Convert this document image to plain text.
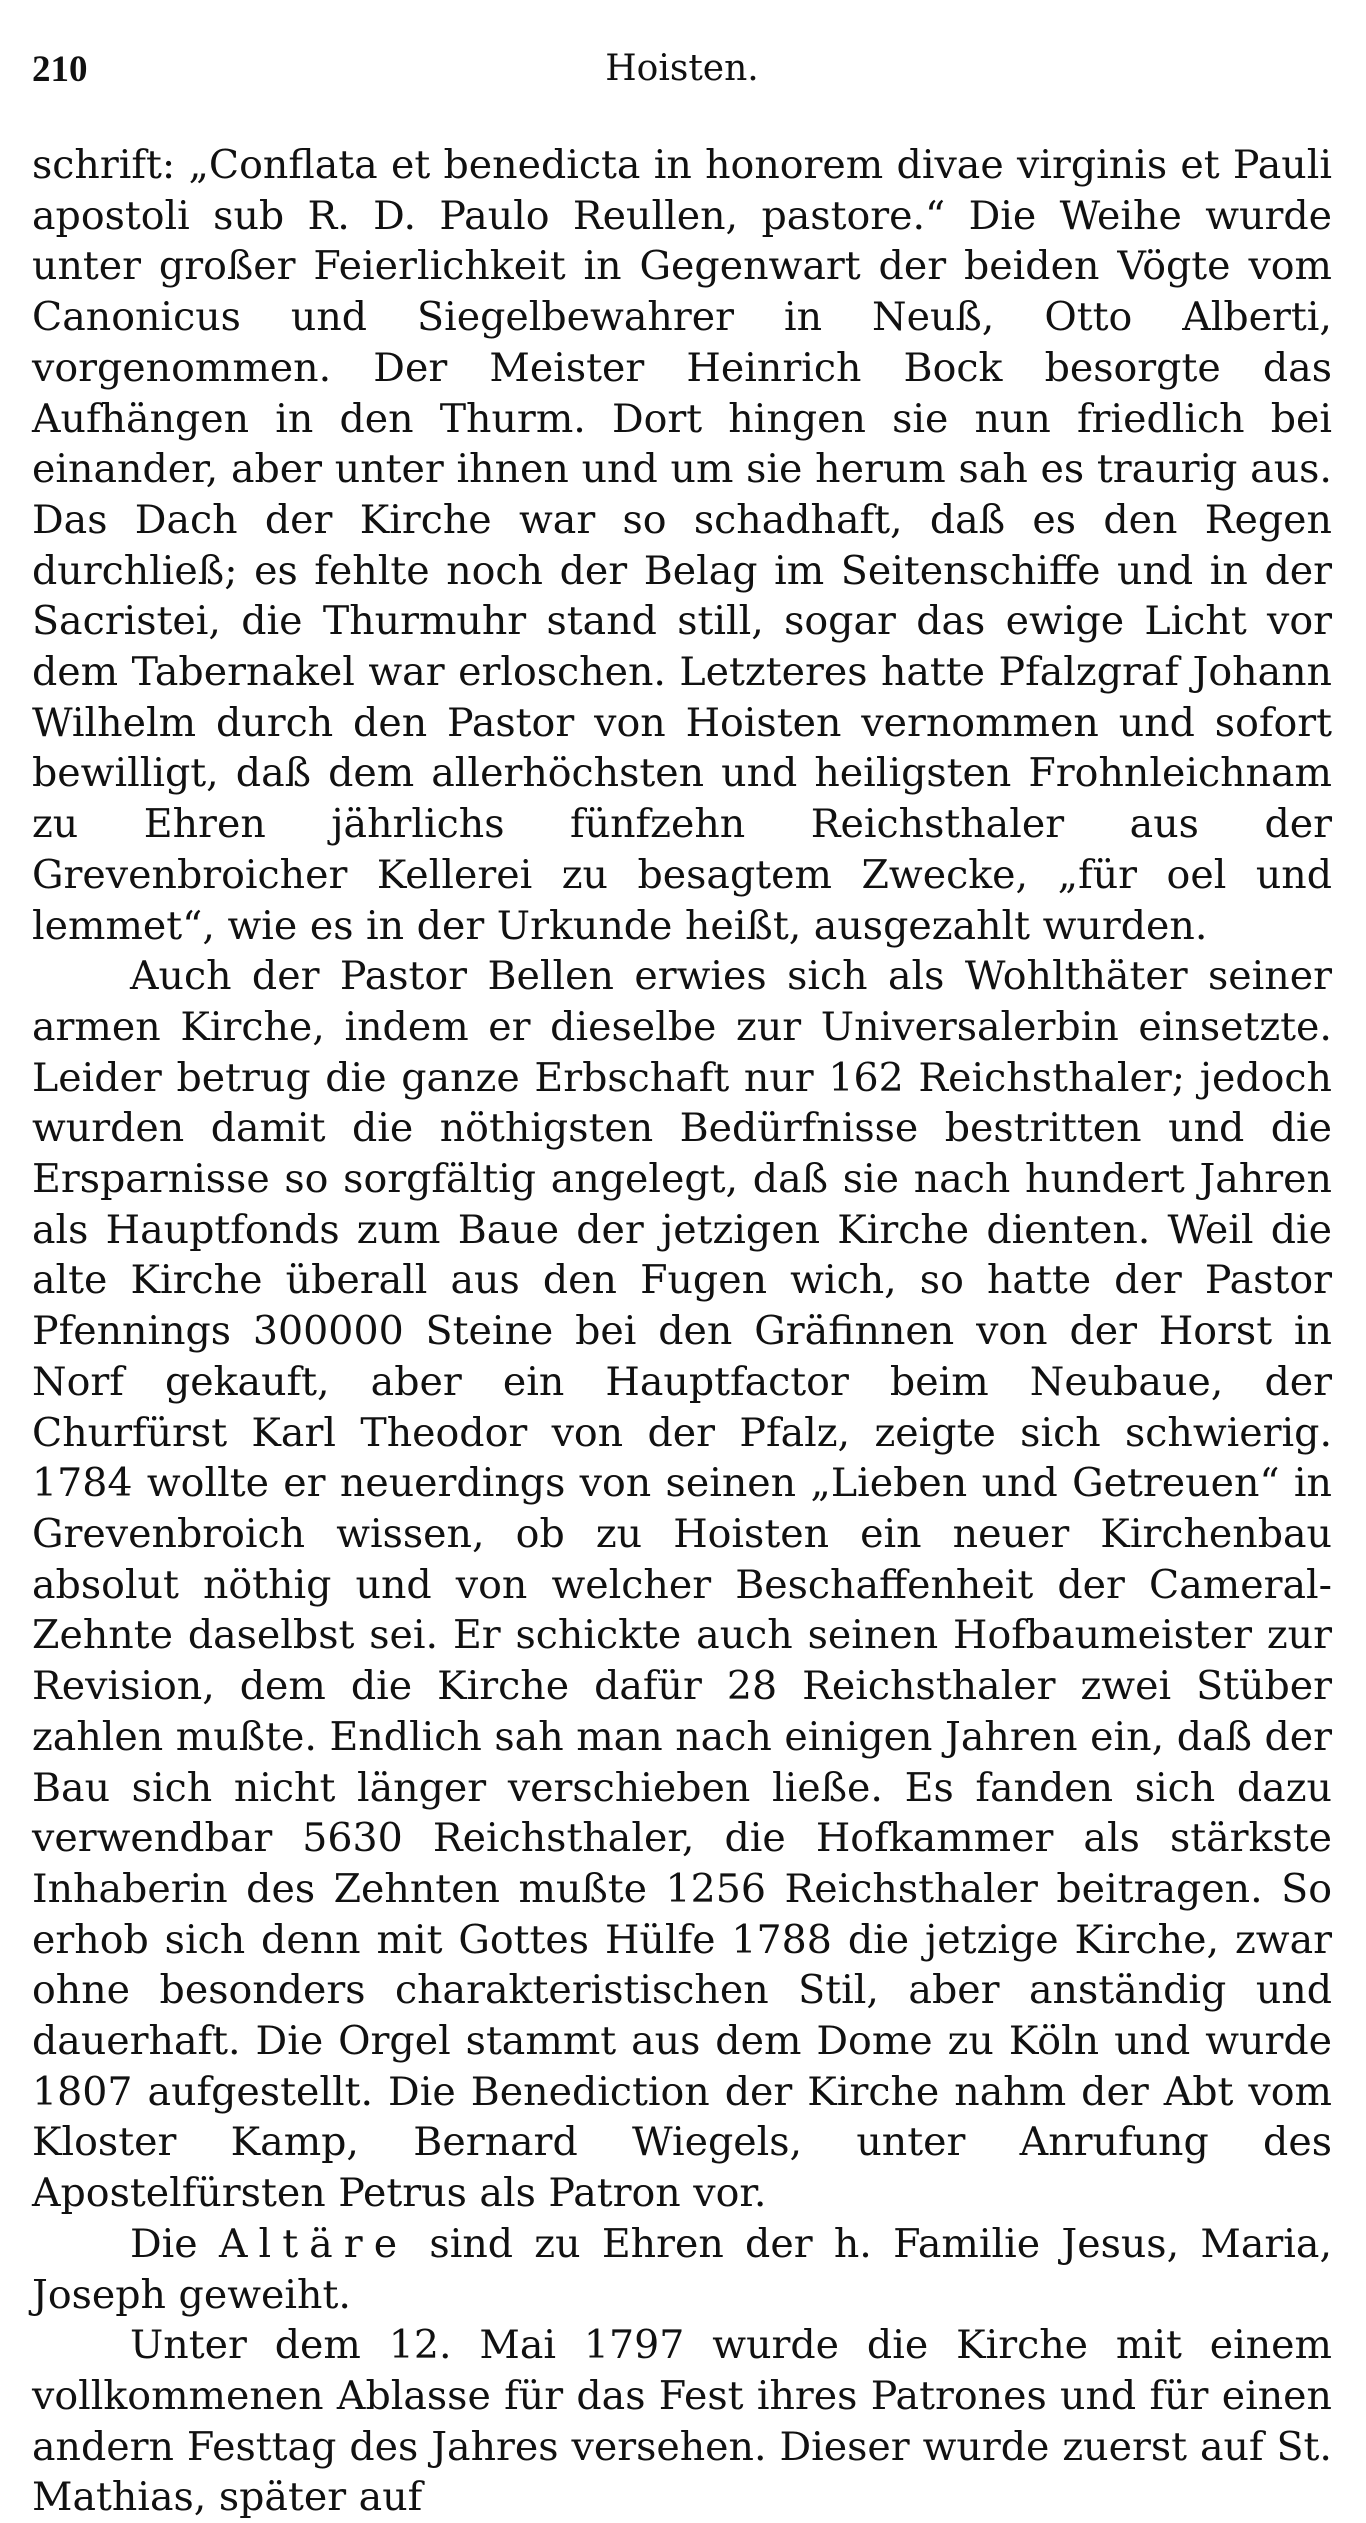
210	Hoisten.

schrift: „Conflata et benedicta in honorem divae virginis et Pauli apostoli sub R. D. Paulo Reullen, pastore.“ Die Weihe wurde unter großer Feierlichkeit in Gegenwart der beiden Vögte vom Canonicus und Siegelbewahrer in Neuß, Otto Alberti, vorgenommen. Der Meister Heinrich Bock besorgte das Aufhängen in den Thurm. Dort hingen sie nun friedlich bei einander, aber unter ihnen und um sie herum sah es traurig aus. Das Dach der Kirche war so schadhaft, daß es den Regen durchließ; es fehlte noch der Belag im Seitenschiffe und in der Sacristei, die Thurmuhr stand still, sogar das ewige Licht vor dem Tabernakel war erloschen. Letzteres hatte Pfalzgraf Johann Wilhelm durch den Pastor von Hoisten vernommen und sofort bewilligt, daß dem allerhöchsten und heiligsten Frohnleichnam zu Ehren jährlichs fünfzehn Reichsthaler aus der Grevenbroicher Kellerei zu besagtem Zwecke, „für oel und lemmet“, wie es in der Urkunde heißt, ausgezahlt wurden.

Auch der Pastor Bellen erwies sich als Wohlthäter seiner armen Kirche, indem er dieselbe zur Universalerbin einsetzte. Leider betrug die ganze Erbschaft nur 162 Reichsthaler; jedoch wurden damit die nöthigsten Bedürfnisse bestritten und die Ersparnisse so sorgfältig angelegt, daß sie nach hundert Jahren als Hauptfonds zum Baue der jetzigen Kirche dienten. Weil die alte Kirche überall aus den Fugen wich, so hatte der Pastor Pfennings 300000 Steine bei den Gräfinnen von der Horst in Norf gekauft, aber ein Hauptfactor beim Neubaue, der Churfürst Karl Theodor von der Pfalz, zeigte sich schwierig. 1784 wollte er neuerdings von seinen „Lieben und Getreuen“ in Grevenbroich wissen, ob zu Hoisten ein neuer Kirchenbau absolut nöthig und von welcher Beschaffenheit der Cameral-Zehnte daselbst sei. Er schickte auch seinen Hofbaumeister zur Revision, dem die Kirche dafür 28 Reichsthaler zwei Stüber zahlen mußte. Endlich sah man nach einigen Jahren ein, daß der Bau sich nicht länger verschieben ließe. Es fanden sich dazu verwendbar 5630 Reichsthaler, die Hofkammer als stärkste Inhaberin des Zehnten mußte 1256 Reichsthaler beitragen. So erhob sich denn mit Gottes Hülfe 1788 die jetzige Kirche, zwar ohne besonders charakteristischen Stil, aber anständig und dauerhaft. Die Orgel stammt aus dem Dome zu Köln und wurde 1807 aufgestellt. Die Benediction der Kirche nahm der Abt vom Kloster Kamp, Bernard Wiegels, unter Anrufung des Apostelfürsten Petrus als Patron vor.

Die Altäre sind zu Ehren der h. Familie Jesus, Maria, Joseph geweiht.

Unter dem 12. Mai 1797 wurde die Kirche mit einem vollkommenen Ablasse für das Fest ihres Patrones und für einen andern Festtag des Jahres versehen. Dieser wurde zuerst auf St. Mathias, später auf
